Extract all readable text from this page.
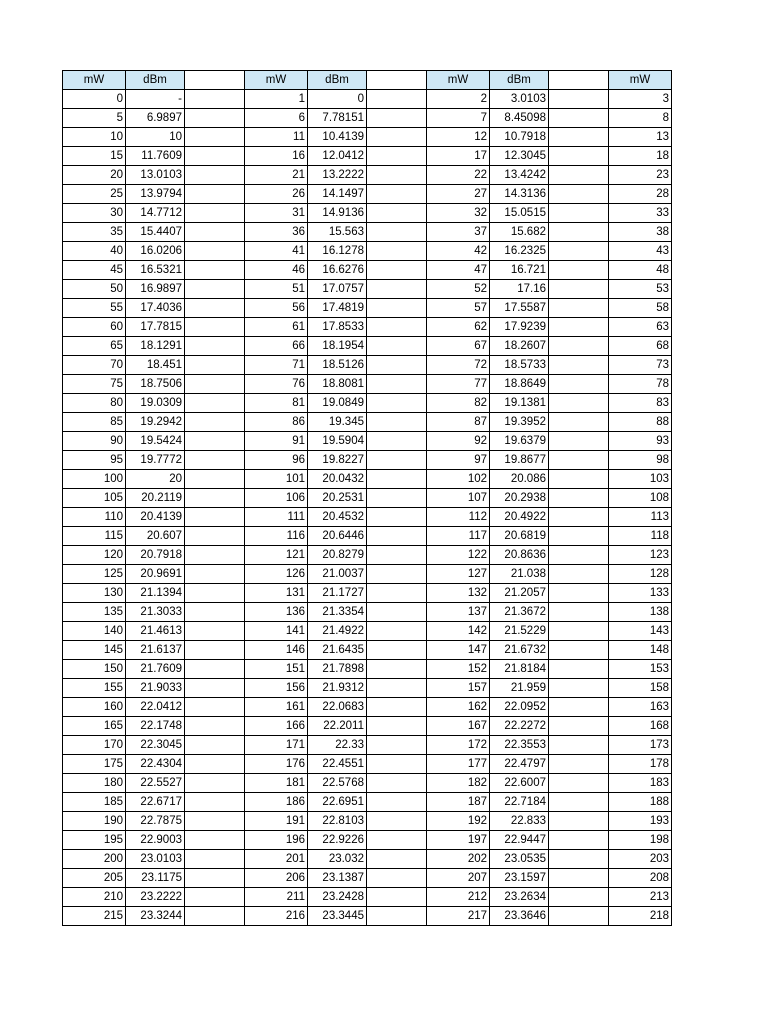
mW	dBm		mW	dBm		mW	dBm		mW
0	-		1	0		2	3.0103		3
5	6.9897		6	7.78151		7	8.45098		8
10	10		11	10.4139		12	10.7918		13
15	11.7609		16	12.0412		17	12.3045		18
20	13.0103		21	13.2222		22	13.4242		23
25	13.9794		26	14.1497		27	14.3136		28
30	14.7712		31	14.9136		32	15.0515		33
35	15.4407		36	15.563		37	15.682		38
40	16.0206		41	16.1278		42	16.2325		43
45	16.5321		46	16.6276		47	16.721		48
50	16.9897		51	17.0757		52	17.16		53
55	17.4036		56	17.4819		57	17.5587		58
60	17.7815		61	17.8533		62	17.9239		63
65	18.1291		66	18.1954		67	18.2607		68
70	18.451		71	18.5126		72	18.5733		73
75	18.7506		76	18.8081		77	18.8649		78
80	19.0309		81	19.0849		82	19.1381		83
85	19.2942		86	19.345		87	19.3952		88
90	19.5424		91	19.5904		92	19.6379		93
95	19.7772		96	19.8227		97	19.8677		98
100	20		101	20.0432		102	20.086		103
105	20.2119		106	20.2531		107	20.2938		108
110	20.4139		111	20.4532		112	20.4922		113
115	20.607		116	20.6446		117	20.6819		118
120	20.7918		121	20.8279		122	20.8636		123
125	20.9691		126	21.0037		127	21.038		128
130	21.1394		131	21.1727		132	21.2057		133
135	21.3033		136	21.3354		137	21.3672		138
140	21.4613		141	21.4922		142	21.5229		143
145	21.6137		146	21.6435		147	21.6732		148
150	21.7609		151	21.7898		152	21.8184		153
155	21.9033		156	21.9312		157	21.959		158
160	22.0412		161	22.0683		162	22.0952		163
165	22.1748		166	22.2011		167	22.2272		168
170	22.3045		171	22.33		172	22.3553		173
175	22.4304		176	22.4551		177	22.4797		178
180	22.5527		181	22.5768		182	22.6007		183
185	22.6717		186	22.6951		187	22.7184		188
190	22.7875		191	22.8103		192	22.833		193
195	22.9003		196	22.9226		197	22.9447		198
200	23.0103		201	23.032		202	23.0535		203
205	23.1175		206	23.1387		207	23.1597		208
210	23.2222		211	23.2428		212	23.2634		213
215	23.3244		216	23.3445		217	23.3646		218
